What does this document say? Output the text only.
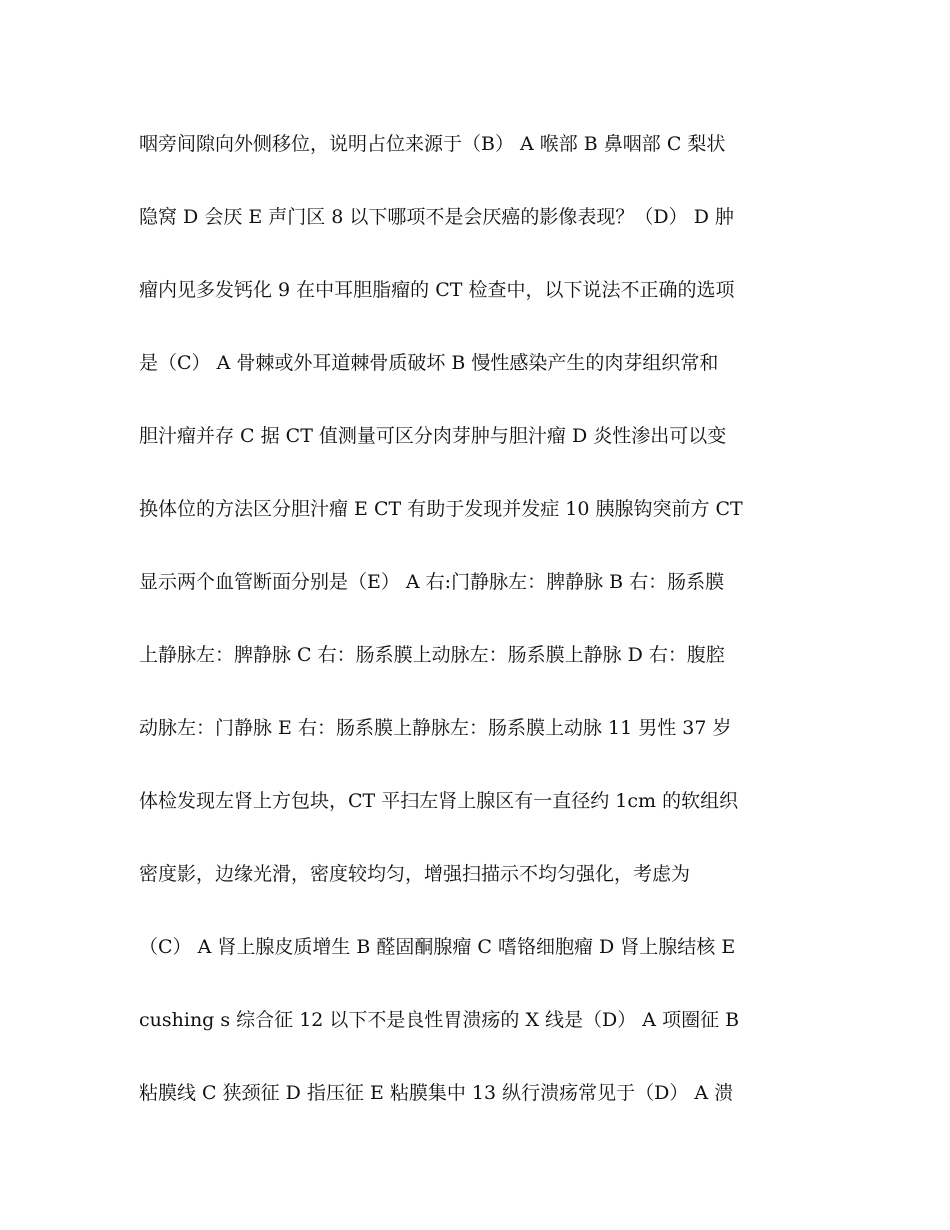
咽旁间隙向外侧移位，说明占位来源于（B） A 喉部 B 鼻咽部 C 梨状
隐窝 D 会厌 E 声门区 8 以下哪项不是会厌癌的影像表现？（D） D 肿
瘤内见多发钙化 9 在中耳胆脂瘤的 CT 检查中，以下说法不正确的选项
是（C） A 骨棘或外耳道棘骨质破坏 B 慢性感染产生的肉芽组织常和
胆汁瘤并存 C 据 CT 值测量可区分肉芽肿与胆汁瘤 D 炎性渗出可以变
换体位的方法区分胆汁瘤 E CT 有助于发现并发症 10 胰腺钩突前方 CT
显示两个血管断面分别是（E） A 右:门静脉左：脾静脉 B 右：肠系膜
上静脉左：脾静脉 C 右：肠系膜上动脉左：肠系膜上静脉 D 右：腹腔
动脉左：门静脉 E 右：肠系膜上静脉左：肠系膜上动脉 11 男性 37 岁
体检发现左肾上方包块，CT 平扫左肾上腺区有一直径约 1cm 的软组织
密度影，边缘光滑，密度较均匀，增强扫描示不均匀强化，考虑为
（C） A 肾上腺皮质增生 B 醛固酮腺瘤 C 嗜铬细胞瘤 D 肾上腺结核 E
cushing s 综合征 12 以下不是良性胃溃疡的 X 线是（D） A 项圈征 B
粘膜线 C 狭颈征 D 指压征 E 粘膜集中 13 纵行溃疡常见于（D） A 溃
